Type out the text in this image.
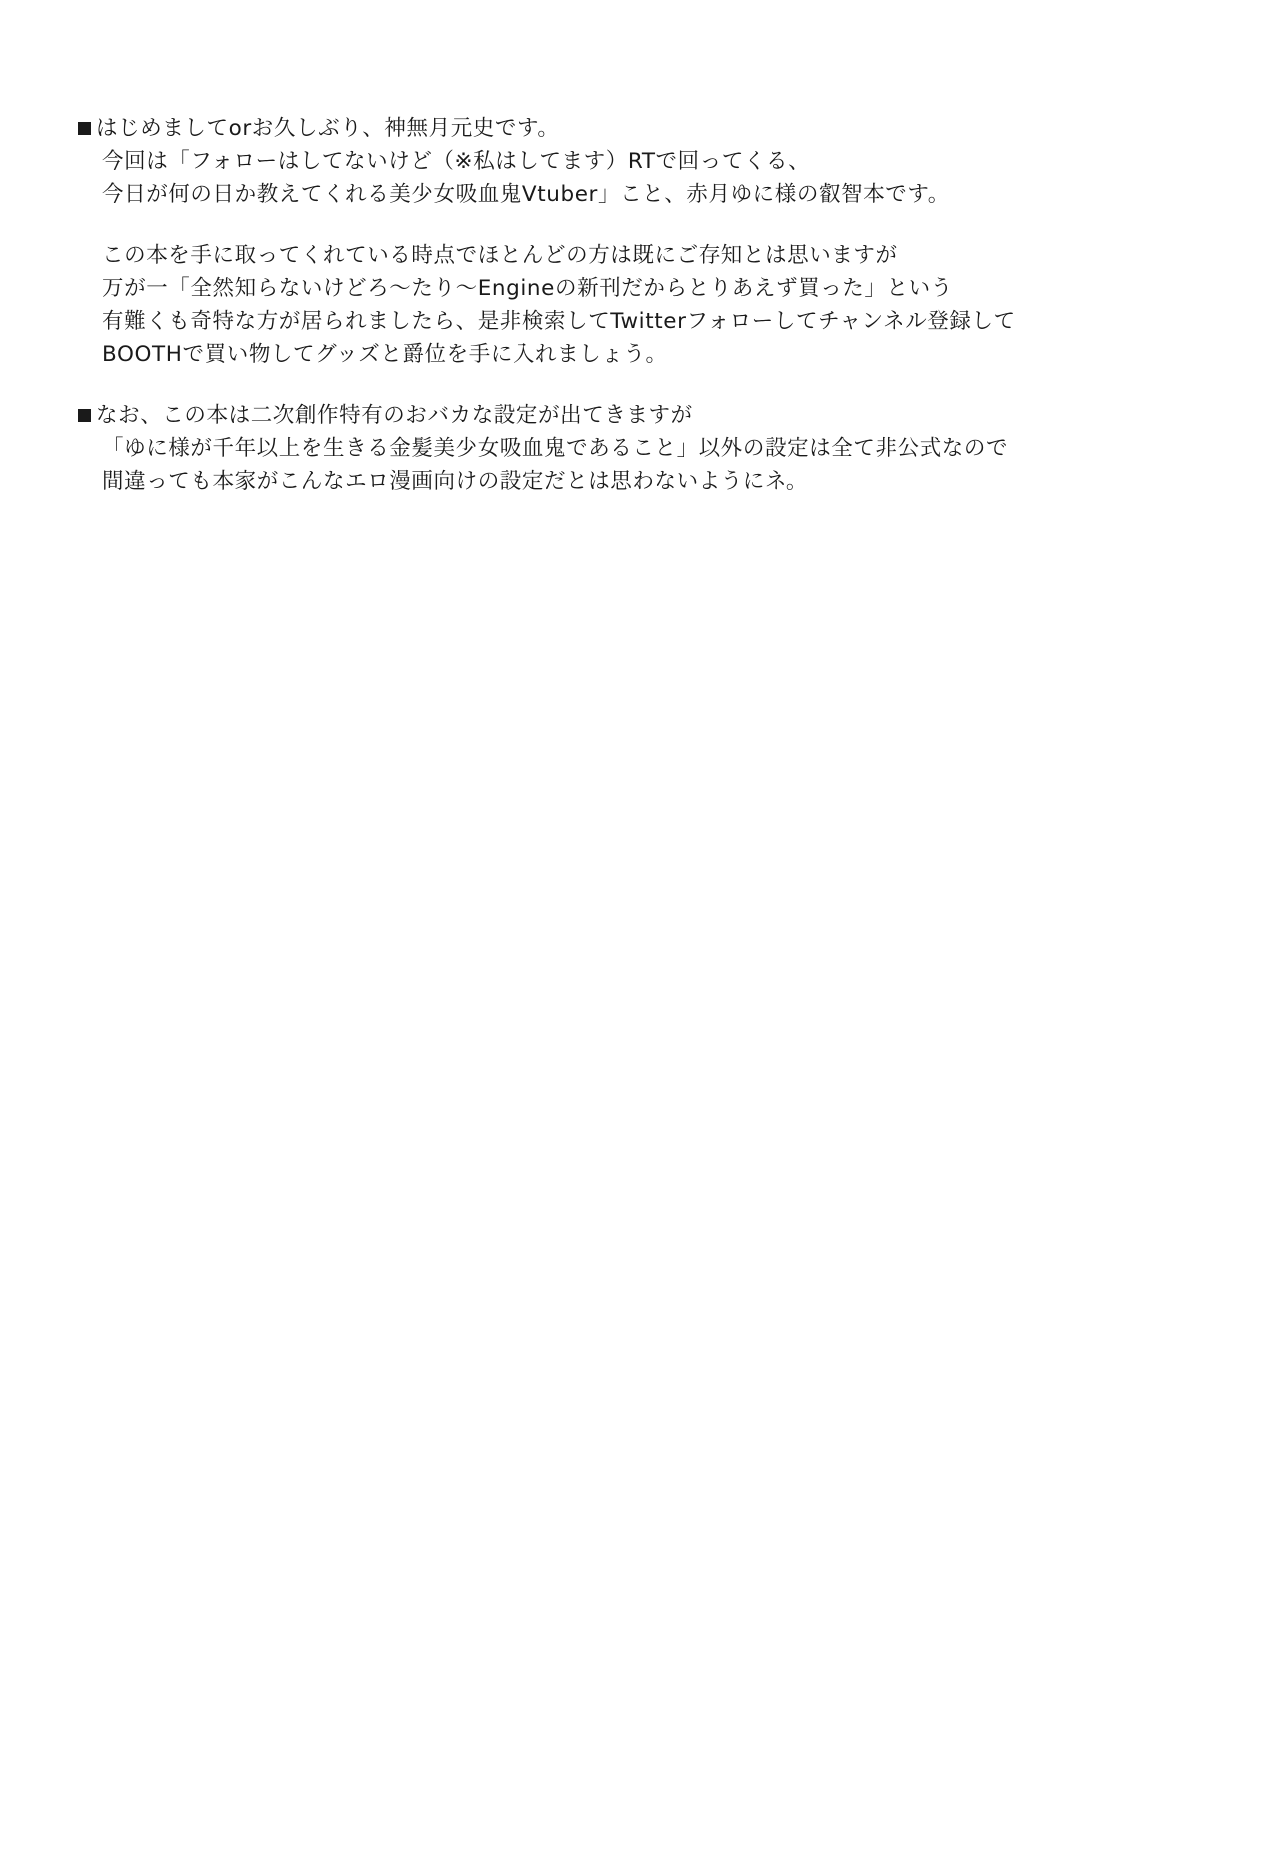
はじめましてorお久しぶり、神無月元史です。
今回は「フォローはしてないけど（※私はしてます）RTで回ってくる、
今日が何の日か教えてくれる美少女吸血鬼Vtuber」こと、赤月ゆに様の叡智本です。
この本を手に取ってくれている時点でほとんどの方は既にご存知とは思いますが
万が一「全然知らないけどろ～たり～Engineの新刊だからとりあえず買った」という
有難くも奇特な方が居られましたら、是非検索してTwitterフォローしてチャンネル登録して
BOOTHで買い物してグッズと爵位を手に入れましょう。
なお、この本は二次創作特有のおバカな設定が出てきますが
「ゆに様が千年以上を生きる金髪美少女吸血鬼であること」以外の設定は全て非公式なので
間違っても本家がこんなエロ漫画向けの設定だとは思わないようにネ。
